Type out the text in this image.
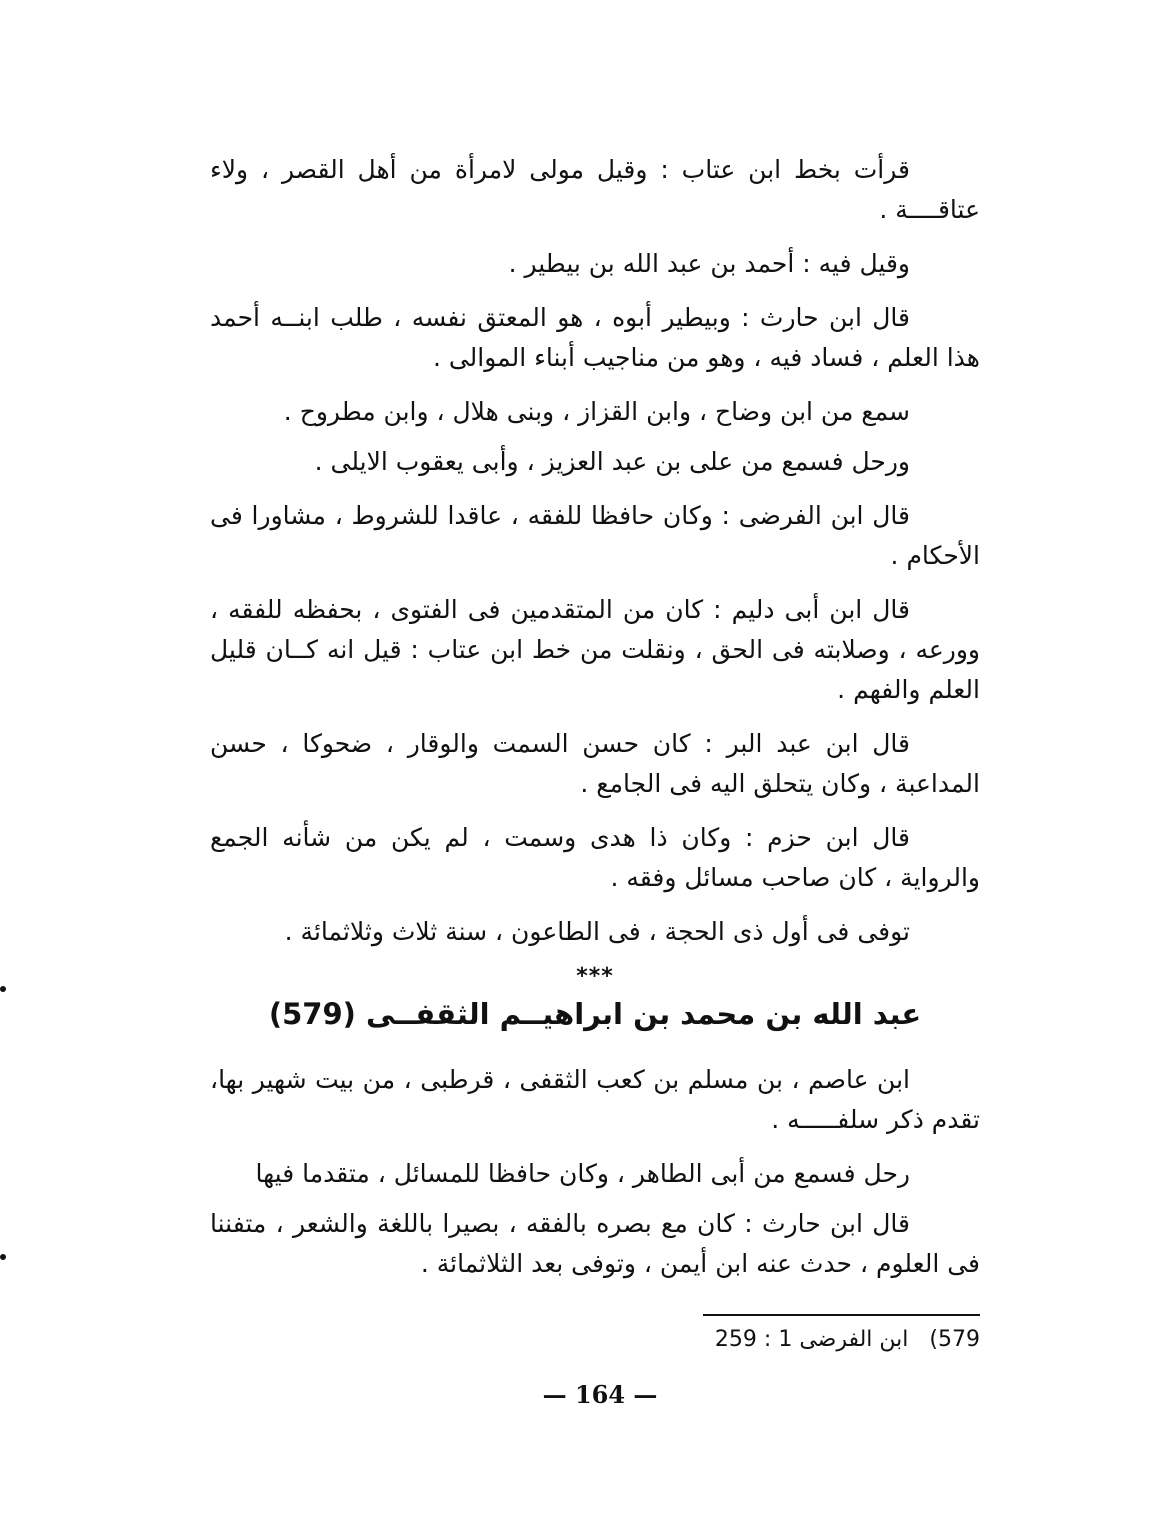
قرأت بخط ابن عتاب : وقيل مولى لامرأة من أهل القصر ، ولاء عتاقــــة .

وقيل فيه : أحمد بن عبد الله بن بيطير .

قال ابن حارث : وبيطير أبوه ، هو المعتق نفسه ، طلب ابنــه أحمد هذا العلم ، فساد فيه ، وهو من مناجيب أبناء الموالى .

سمع من ابن وضاح ، وابن القزاز ، وبنى هلال ، وابن مطروح .

ورحل فسمع من على بن عبد العزيز ، وأبى يعقوب الايلى .

قال ابن الفرضى : وكان حافظا للفقه ، عاقدا للشروط ، مشاورا فى الأحكام .

قال ابن أبى دليم : كان من المتقدمين فى الفتوى ، بحفظه للفقه ، وورعه ، وصلابته فى الحق ، ونقلت من خط ابن عتاب : قيل انه كــان قليل العلم والفهم .

قال ابن عبد البر : كان حسن السمت والوقار ، ضحوكا ، حسن المداعبة ، وكان يتحلق اليه فى الجامع .

قال ابن حزم : وكان ذا هدى وسمت ، لم يكن من شأنه الجمع والرواية ، كان صاحب مسائل وفقه .

توفى فى أول ذى الحجة ، فى الطاعون ، سنة ثلاث وثلاثمائة .

***
عبد الله بن محمد بن ابراهيــم الثقفــى (579)

ابن عاصم ، بن مسلم بن كعب الثقفى ، قرطبى ، من بيت شهير بها، تقدم ذكر سلفـــــه .

رحل فسمع من أبى الطاهر ، وكان حافظا للمسائل ، متقدما فيها

قال ابن حارث : كان مع بصره بالفقه ، بصيرا باللغة والشعر ، متفننا فى العلوم ، حدث عنه ابن أيمن ، وتوفى بعد الثلاثمائة .

579) ابن الفرضى 1 : 259
— 164 —
